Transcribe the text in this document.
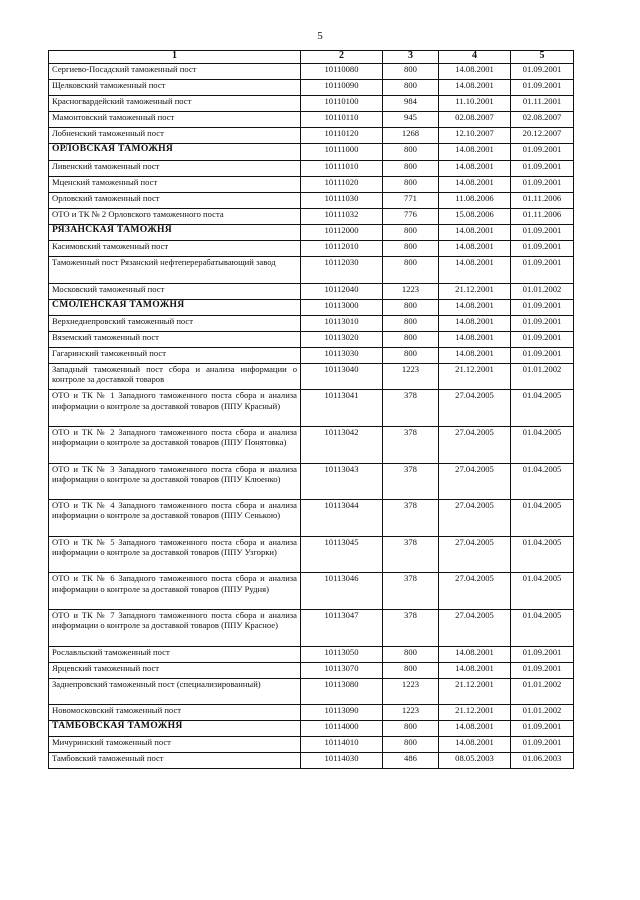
5
1	2	3	4	5
Сергиево-Посадский таможенный пост	10110080	800	14.08.2001	01.09.2001
Щелковский таможенный пост	10110090	800	14.08.2001	01.09.2001
Красногвардейский таможенный пост	10110100	984	11.10.2001	01.11.2001
Мамонтовский таможенный пост	10110110	945	02.08.2007	02.08.2007
Лобненский таможенный пост	10110120	1268	12.10.2007	20.12.2007
ОРЛОВСКАЯ ТАМОЖНЯ	10111000	800	14.08.2001	01.09.2001
Ливенский таможенный пост	10111010	800	14.08.2001	01.09.2001
Мценский таможенный пост	10111020	800	14.08.2001	01.09.2001
Орловский таможенный пост	10111030	771	11.08.2006	01.11.2006
ОТО и ТК № 2 Орловского таможенного поста	10111032	776	15.08.2006	01.11.2006
РЯЗАНСКАЯ ТАМОЖНЯ	10112000	800	14.08.2001	01.09.2001
Касимовский таможенный пост	10112010	800	14.08.2001	01.09.2001
Таможенный пост Рязанский нефтеперерабатывающий завод	10112030	800	14.08.2001	01.09.2001
Московский таможенный пост	10112040	1223	21.12.2001	01.01.2002
СМОЛЕНСКАЯ ТАМОЖНЯ	10113000	800	14.08.2001	01.09.2001
Верхнеднепровский таможенный пост	10113010	800	14.08.2001	01.09.2001
Вяземский таможенный пост	10113020	800	14.08.2001	01.09.2001
Гагаринский таможенный пост	10113030	800	14.08.2001	01.09.2001
Западный таможенный пост сбора и анализа информации о контроле за доставкой товаров	10113040	1223	21.12.2001	01.01.2002
ОТО и ТК № 1 Западного таможенного поста сбора и анализа информации о контроле за доставкой товаров (ППУ Красный)	10113041	378	27.04.2005	01.04.2005
ОТО и ТК № 2 Западного таможенного поста сбора и анализа информации о контроле за доставкой товаров (ППУ Понятовка)	10113042	378	27.04.2005	01.04.2005
ОТО и ТК № 3 Западного таможенного поста сбора и анализа информации о контроле за доставкой товаров (ППУ Клюенко)	10113043	378	27.04.2005	01.04.2005
ОТО и ТК № 4 Западного таможенного поста сбора и анализа информации о контроле за доставкой товаров (ППУ Сенькою)	10113044	378	27.04.2005	01.04.2005
ОТО и ТК № 5 Западного таможенного поста сбора и анализа информации о контроле за доставкой товаров (ППУ Узгорки)	10113045	378	27.04.2005	01.04.2005
ОТО и ТК № 6 Западного таможенного поста сбора и анализа информации о контроле за доставкой товаров (ППУ Рудня)	10113046	378	27.04.2005	01.04.2005
ОТО и ТК № 7 Западного таможенного поста сбора и анализа информации о контроле за доставкой товаров (ППУ Красное)	10113047	378	27.04.2005	01.04.2005
Рославльский таможенный пост	10113050	800	14.08.2001	01.09.2001
Ярцевский таможенный пост	10113070	800	14.08.2001	01.09.2001
Заднепровский таможенный пост (специализированный)	10113080	1223	21.12.2001	01.01.2002
Новомосковский таможенный пост	10113090	1223	21.12.2001	01.01.2002
ТАМБОВСКАЯ ТАМОЖНЯ	10114000	800	14.08.2001	01.09.2001
Мичуринский таможенный пост	10114010	800	14.08.2001	01.09.2001
Тамбовский таможенный пост	10114030	486	08.05.2003	01.06.2003
